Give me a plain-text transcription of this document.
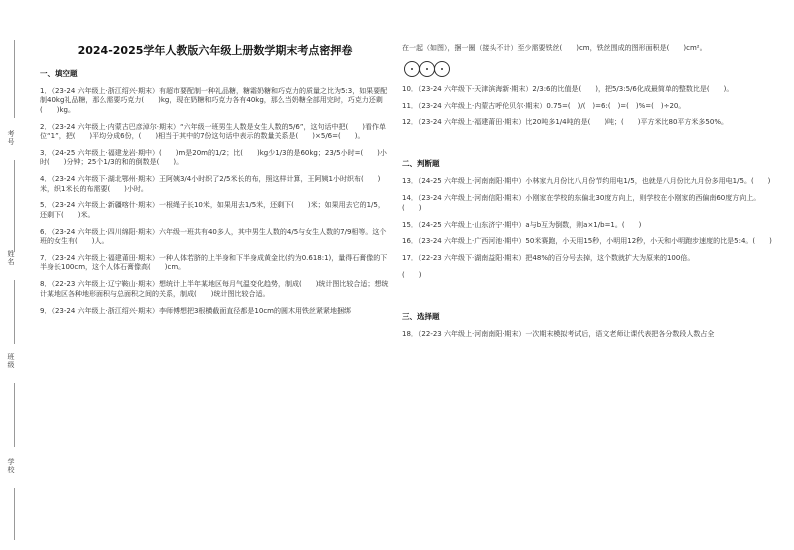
考号
姓名
班级
学校
2024-2025学年人教版六年级上册数学期末考点密押卷
一、填空题
1．（23-24 六年级上·浙江绍兴·期末）有超市要配制一种礼品糖，糖霜奶糖和巧克力的质量之比为5:3，如果要配制40kg礼品糖，那么需要巧克力(　　)kg，现在奶糖和巧克力各有40kg，那么当奶糖全部用完时，巧克力还剩(　　)kg。
2．（23-24 六年级上·内蒙古巴彦淖尔·期末）“六年级一班男生人数是女生人数的5/6”，这句话中把(　　)看作单位“1”，把(　　)平均分成6份，(　　)相当于其中的7份这句话中表示的数量关系是(　　)×5/6=(　　)。
3．（24-25 六年级上·福建龙岩·期中）(　　)m是20m的1/2；比(　　)kg少1/3的是60kg；23/5小时=(　　)小时(　　)分钟；25个1/3的和的倒数是(　　)。
4．（23-24 六年级下·湖北鄂州·期末）王阿姨3/4小时织了2/5米长的布，照这样计算，王阿姨1小时织布(　　)米，织1米长的布需要(　　)小时。
5．（23-24 六年级上·新疆喀什·期末）一根绳子长10米，如果用去1/5米，还剩下(　　)米；如果用去它的1/5，还剩下(　　)米。
6．（23-24 六年级上·四川绵阳·期末）六年级一班共有40多人，其中男生人数的4/5与女生人数的7/9相等。这个班的女生有(　　)人。
7．（23-24 六年级上·福建莆田·期末）一种人体若脐的上半身和下半身成黄金比(约为0.618:1)，量得石膏像的下半身长100cm，这个人体石膏像高(　　)cm。
8．（22-23 六年级上·辽宁鞍山·期末）想统计上半年某地区每月气温变化趋势，制成(　　)统计图比较合适；想统计某地区各种地形面积与总面积之间的关系，制成(　　)统计图比较合适。
9．（23-24 六年级上·浙江绍兴·期末）李师傅想把3根横截面直径都是10cm的圆木用铁丝紧紧地捆绑
在一起（如图），捆一圈（接头不计）至少需要铁丝(　　)cm，铁丝围成的图形面积是(　　)cm²。
10．（23-24 六年级下·天津滨海新·期末）2/3:6的比值是(　　)，把5/3:5/6化成最简单的整数比是(　　)。
11．（23-24 六年级上·内蒙古呼伦贝尔·期末）0.75=(　)/(　)=6:(　)=(　)%=(　)÷20。
12．（23-24 六年级上·福建莆田·期末）比20吨多1/4吨的是(　　)吨；(　　)平方米比80平方米多50%。
二、判断题
13．（24-25 六年级上·河南南阳·期中）小林家九月份比八月份节约用电1/5，也就是八月份比九月份多用电1/5。(　　)
14．（23-24 六年级上·河南信阳·期末）小刚家在学校的东偏北30度方向上，则学校在小刚家的西偏南60度方向上。(　　)
15．（24-25 六年级上·山东济宁·期中）a与b互为倒数，则a×1/b=1。(　　)
16．（23-24 六年级上·广西河池·期中）50米赛跑，小天用15秒，小明用12秒，小天和小明跑步速度的比是5:4。(　　)
17．（22-23 六年级下·湖南益阳·期末）把48%的百分号去掉，这个数就扩大为原来的100倍。
(　　)
三、选择题
18．（22-23 六年级上·河南南阳·期末）一次期末模拟考试后，语文老师让课代表把各分数段人数占全
